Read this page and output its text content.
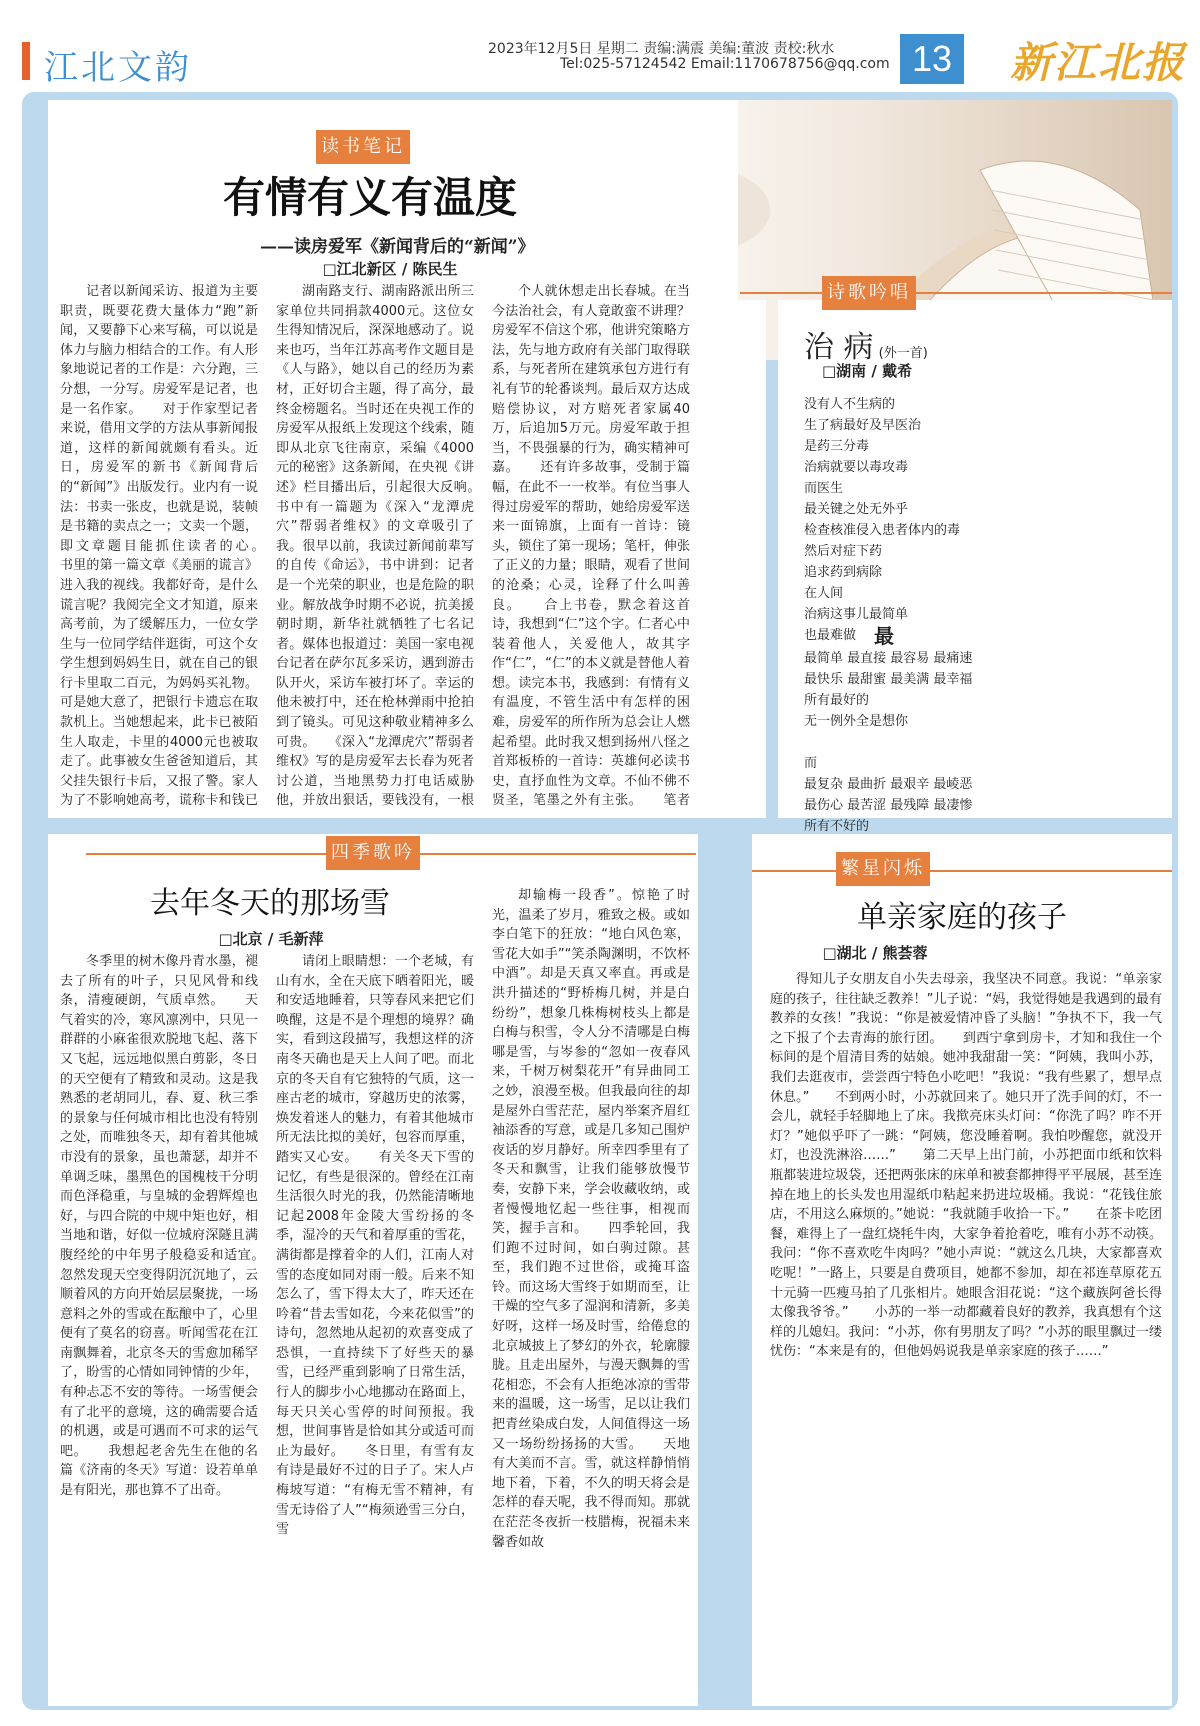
江北文韵	2023年12月5日 星期二 责编:满震 美编:董波 责校:秋水
Tel:025-57124542 Email:1170678756@qq.com 13 新江北报
读书笔记
有情有义有温度
——读房爱军《新闻背后的“新闻”》
□江北新区 / 陈民生
记者以新闻采访、报道为主要职责，既要花费大量体力“跑”新闻，又要静下心来写稿，可以说是体力与脑力相结合的工作。有人形象地说记者的工作是：六分跑，三分想，一分写。房爱军是记者，也是一名作家。　　对于作家型记者来说，借用文学的方法从事新闻报道，这样的新闻就颇有看头。近日，房爱军的新书《新闻背后的“新闻”》出版发行。业内有一说法：书卖一张皮，也就是说，装帧是书籍的卖点之一；文卖一个题，即文章题目能抓住读者的心。　　书里的第一篇文章《美丽的谎言》进入我的视线。我都好奇，是什么谎言呢？我阅完全文才知道，原来高考前，为了缓解压力，一位女学生与一位同学结伴逛街，可这个女学生想到妈妈生日，就在自己的银行卡里取二百元，为妈妈买礼物。可是她大意了，把银行卡遗忘在取款机上。当她想起来，此卡已被陌生人取走，卡里的4000元也被取走了。此事被女生爸爸知道后，其父挂失银行卡后，又报了警。家人为了不影响她高考，谎称卡和钱已
湖南路支行、湖南路派出所三家单位共同捐款4000元。这位女生得知情况后，深深地感动了。说来也巧，当年江苏高考作文题目是《人与路》，她以自己的经历为素材，正好切合主题，得了高分，最终金榜题名。当时还在央视工作的房爱军从报纸上发现这个线索，随即从北京飞往南京，采编《4000元的秘密》这条新闻，在央视《讲述》栏目播出后，引起很大反响。　　书中有一篇题为《深入“龙潭虎穴”帮弱者维权》的文章吸引了我。很早以前，我读过新闻前辈写的自传《命运》，书中讲到：记者是一个光荣的职业，也是危险的职业。解放战争时期不必说，抗美援朝时期，新华社就牺牲了七名记者。媒体也报道过：美国一家电视台记者在萨尔瓦多采访，遇到游击队开火，采访车被打坏了。幸运的他未被打中，还在枪林弹雨中抢拍到了镜头。可见这种敬业精神多么可贵。　　《深入“龙潭虎穴”帮弱者维权》写的是房爱军去长春为死者讨公道，当地黑势力打电话威胁他，并放出狠话，要钱没有，一根
个人就休想走出长春城。在当今法治社会，有人竟敢蛮不讲理？房爱军不信这个邪，他讲究策略方法，先与地方政府有关部门取得联系，与死者所在建筑承包方进行有礼有节的轮番谈判。最后双方达成赔偿协议，对方赔死者家属40万，后追加5万元。房爱军敢于担当，不畏强暴的行为，确实精神可嘉。　　还有许多故事，受制于篇幅，在此不一一枚举。有位当事人得过房爱军的帮助，她给房爱军送来一面锦旗，上面有一首诗：镜头，锁住了第一现场；笔杆，伸张了正义的力量；眼睛，观看了世间的沧桑；心灵，诠释了什么叫善良。　　合上书卷，默念着这首诗，我想到“仁”这个字。仁者心中装着他人，关爱他人，故其字作“仁”，“仁”的本义就是替他人着想。读完本书，我感到：有情有义有温度，不管生活中有怎样的困难，房爱军的所作所为总会让人燃起希望。此时我又想到扬州八怪之首郑板桥的一首诗：英雄何必读书史，直抒血性为文章。不仙不佛不贤圣，笔墨之外有主张。　　笔者
诗歌吟唱
治 病 (外一首)
□湖南 / 戴希
没有人不生病的
生了病最好及早医治
是药三分毒
治病就要以毒攻毒
而医生
最关键之处无外乎
检查核准侵入患者体内的毒
然后对症下药
追求药到病除
在人间
治病这事儿最简单
也最难做 最
最简单 最直接 最容易 最痛速
最快乐 最甜蜜 最美满 最幸福
所有最好的
无一例外全是想你

而
最复杂 最曲折 最艰辛 最崚恶
最伤心 最苦涩 最残障 最凄惨
所有不好的

四季歌吟
去年冬天的那场雪
□北京 / 毛新萍
冬季里的树木像丹青水墨，褪去了所有的叶子，只见风骨和线条，清瘦硬朗，气质卓然。　　天气着实的冷，寒风凛冽中，只见一群群的小麻雀很欢脱地飞起、落下又飞起，远远地似黑白剪影，冬日的天空便有了精致和灵动。这是我熟悉的老胡同儿，春、夏、秋三季的景象与任何城市相比也没有特别之处，而唯独冬天，却有着其他城市没有的景象，虽也萧瑟，却并不单调乏味，墨黑色的国槐枝干分明而色泽稳重，与皇城的金碧辉煌也好，与四合院的中规中矩也好，相当地和谐，好似一位城府深隧且满腹经纶的中年男子般稳妥和适宜。　　忽然发现天空变得阴沉沉地了，云顺着风的方向开始层层聚拢，一场意料之外的雪或在酝酿中了，心里便有了莫名的窃喜。听闻雪花在江南飘舞着，北京冬天的雪愈加稀罕了，盼雪的心情如同钟情的少年，有种忐忑不安的等待。一场雪便会有了北平的意境，这的确需要合适的机遇，或是可遇而不可求的运气吧。　　我想起老舍先生在他的名篇《济南的冬天》写道：设若单单是有阳光，那也算不了出奇。
请闭上眼睛想：一个老城，有山有水，全在天底下晒着阳光，暖和安适地睡着，只等春风来把它们唤醒，这是不是个理想的境界？确实，看到这段描写，我想这样的济南冬天确也是天上人间了吧。而北京的冬天自有它独特的气质，这一座古老的城市，穿越历史的浓雾，焕发着迷人的魅力，有着其他城市所无法比拟的美好，包容而厚重，踏实又心安。　　有关冬天下雪的记忆，有些是很深的。曾经在江南生活很久时光的我，仍然能清晰地记起2008年金陵大雪纷扬的冬季，湿冷的天气和着厚重的雪花，满街都是撑着伞的人们，江南人对雪的态度如同对雨一般。后来不知怎么了，雪下得太大了，昨天还在吟着“昔去雪如花，今来花似雪”的诗句，忽然地从起初的欢喜变成了恐惧，一直持续下了好些天的暴雪，已经严重到影响了日常生活，行人的脚步小心地挪动在路面上，每天只关心雪停的时间预报。我想，世间事皆是恰如其分或适可而止为最好。　　冬日里，有雪有友有诗是最好不过的日子了。宋人卢梅坡写道：“有梅无雪不精神，有雪无诗俗了人”“梅须逊雪三分白，雪
却输梅一段香”。惊艳了时光，温柔了岁月，雅致之极。或如李白笔下的狂放：“地白风色寒，雪花大如手”“笑杀陶渊明，不饮杯中酒”。却是天真又率直。再或是洪升描述的“野桥梅几树，并是白纷纷”，想象几株梅树枝头上都是白梅与积雪，令人分不清哪是白梅哪是雪，与岑参的“忽如一夜春风来，千树万树梨花开”有异曲同工之妙，浪漫至极。但我最向往的却是屋外白雪茫茫，屋内举案齐眉红袖添香的写意，或是几多知己围炉夜话的岁月静好。所幸四季里有了冬天和飘雪，让我们能够放慢节奏，安静下来，学会收藏收纳，或者慢慢地忆起一些往事，相视而笑，握手言和。　　四季轮回，我们跑不过时间，如白驹过隙。甚至，我们跑不过世俗，或掩耳盗铃。而这场大雪终于如期而至，让干燥的空气多了湿润和清新，多美好呀，这样一场及时雪，给倦怠的北京城披上了梦幻的外衣，轮廓朦胧。且走出屋外，与漫天飘舞的雪花相恋，不会有人拒绝冰凉的雪带来的温暖，这一场雪，足以让我们把青丝染成白发，人间值得这一场又一场纷纷扬扬的大雪。　　天地有大美而不言。雪，就这样静悄悄地下着，下着，不久的明天将会是怎样的春天呢，我不得而知。那就在茫茫冬夜折一枝腊梅，祝福未来馨香如故
繁星闪烁
单亲家庭的孩子
□湖北 / 熊荟蓉
得知儿子女朋友自小失去母亲，我坚决不同意。我说：“单亲家庭的孩子，往往缺乏教养！”儿子说：“妈，我觉得她是我遇到的最有教养的女孩！”我说：“你是被爱情冲昏了头脑！”争执不下，我一气之下报了个去青海的旅行团。　　到西宁拿到房卡，才知和我住一个标间的是个眉清目秀的姑娘。她冲我甜甜一笑：“阿姨，我叫小苏，我们去逛夜市，尝尝西宁特色小吃吧！”我说：“我有些累了，想早点休息。”　　不到两小时，小苏就回来了。她只开了洗手间的灯，不一会儿，就轻手轻脚地上了床。我揿亮床头灯问：“你洗了吗？咋不开灯？”她似乎吓了一跳：“阿姨，您没睡着啊。我怕吵醒您，就没开灯，也没洗淋浴……”　　第二天早上出门前，小苏把面巾纸和饮料瓶都装进垃圾袋，还把两张床的床单和被套都抻得平平展展，甚至连掉在地上的长头发也用湿纸巾粘起来扔进垃圾桶。我说：“花钱住旅店，不用这么麻烦的。”她说：“我就随手收拾一下。”　　在茶卡吃团餐，难得上了一盘红烧牦牛肉，大家争着抢着吃，唯有小苏不动筷。我问：“你不喜欢吃牛肉吗？”她小声说：“就这么几块，大家都喜欢吃呢！”一路上，只要是自费项目，她都不参加，却在祁连草原花五十元骑一匹瘦马拍了几张相片。她眼含泪花说：“这个藏族阿爸长得太像我爷爷。”　　小苏的一举一动都藏着良好的教养，我真想有个这样的儿媳妇。我问：“小苏，你有男朋友了吗？”小苏的眼里飘过一缕忧伤：“本来是有的，但他妈妈说我是单亲家庭的孩子……”
